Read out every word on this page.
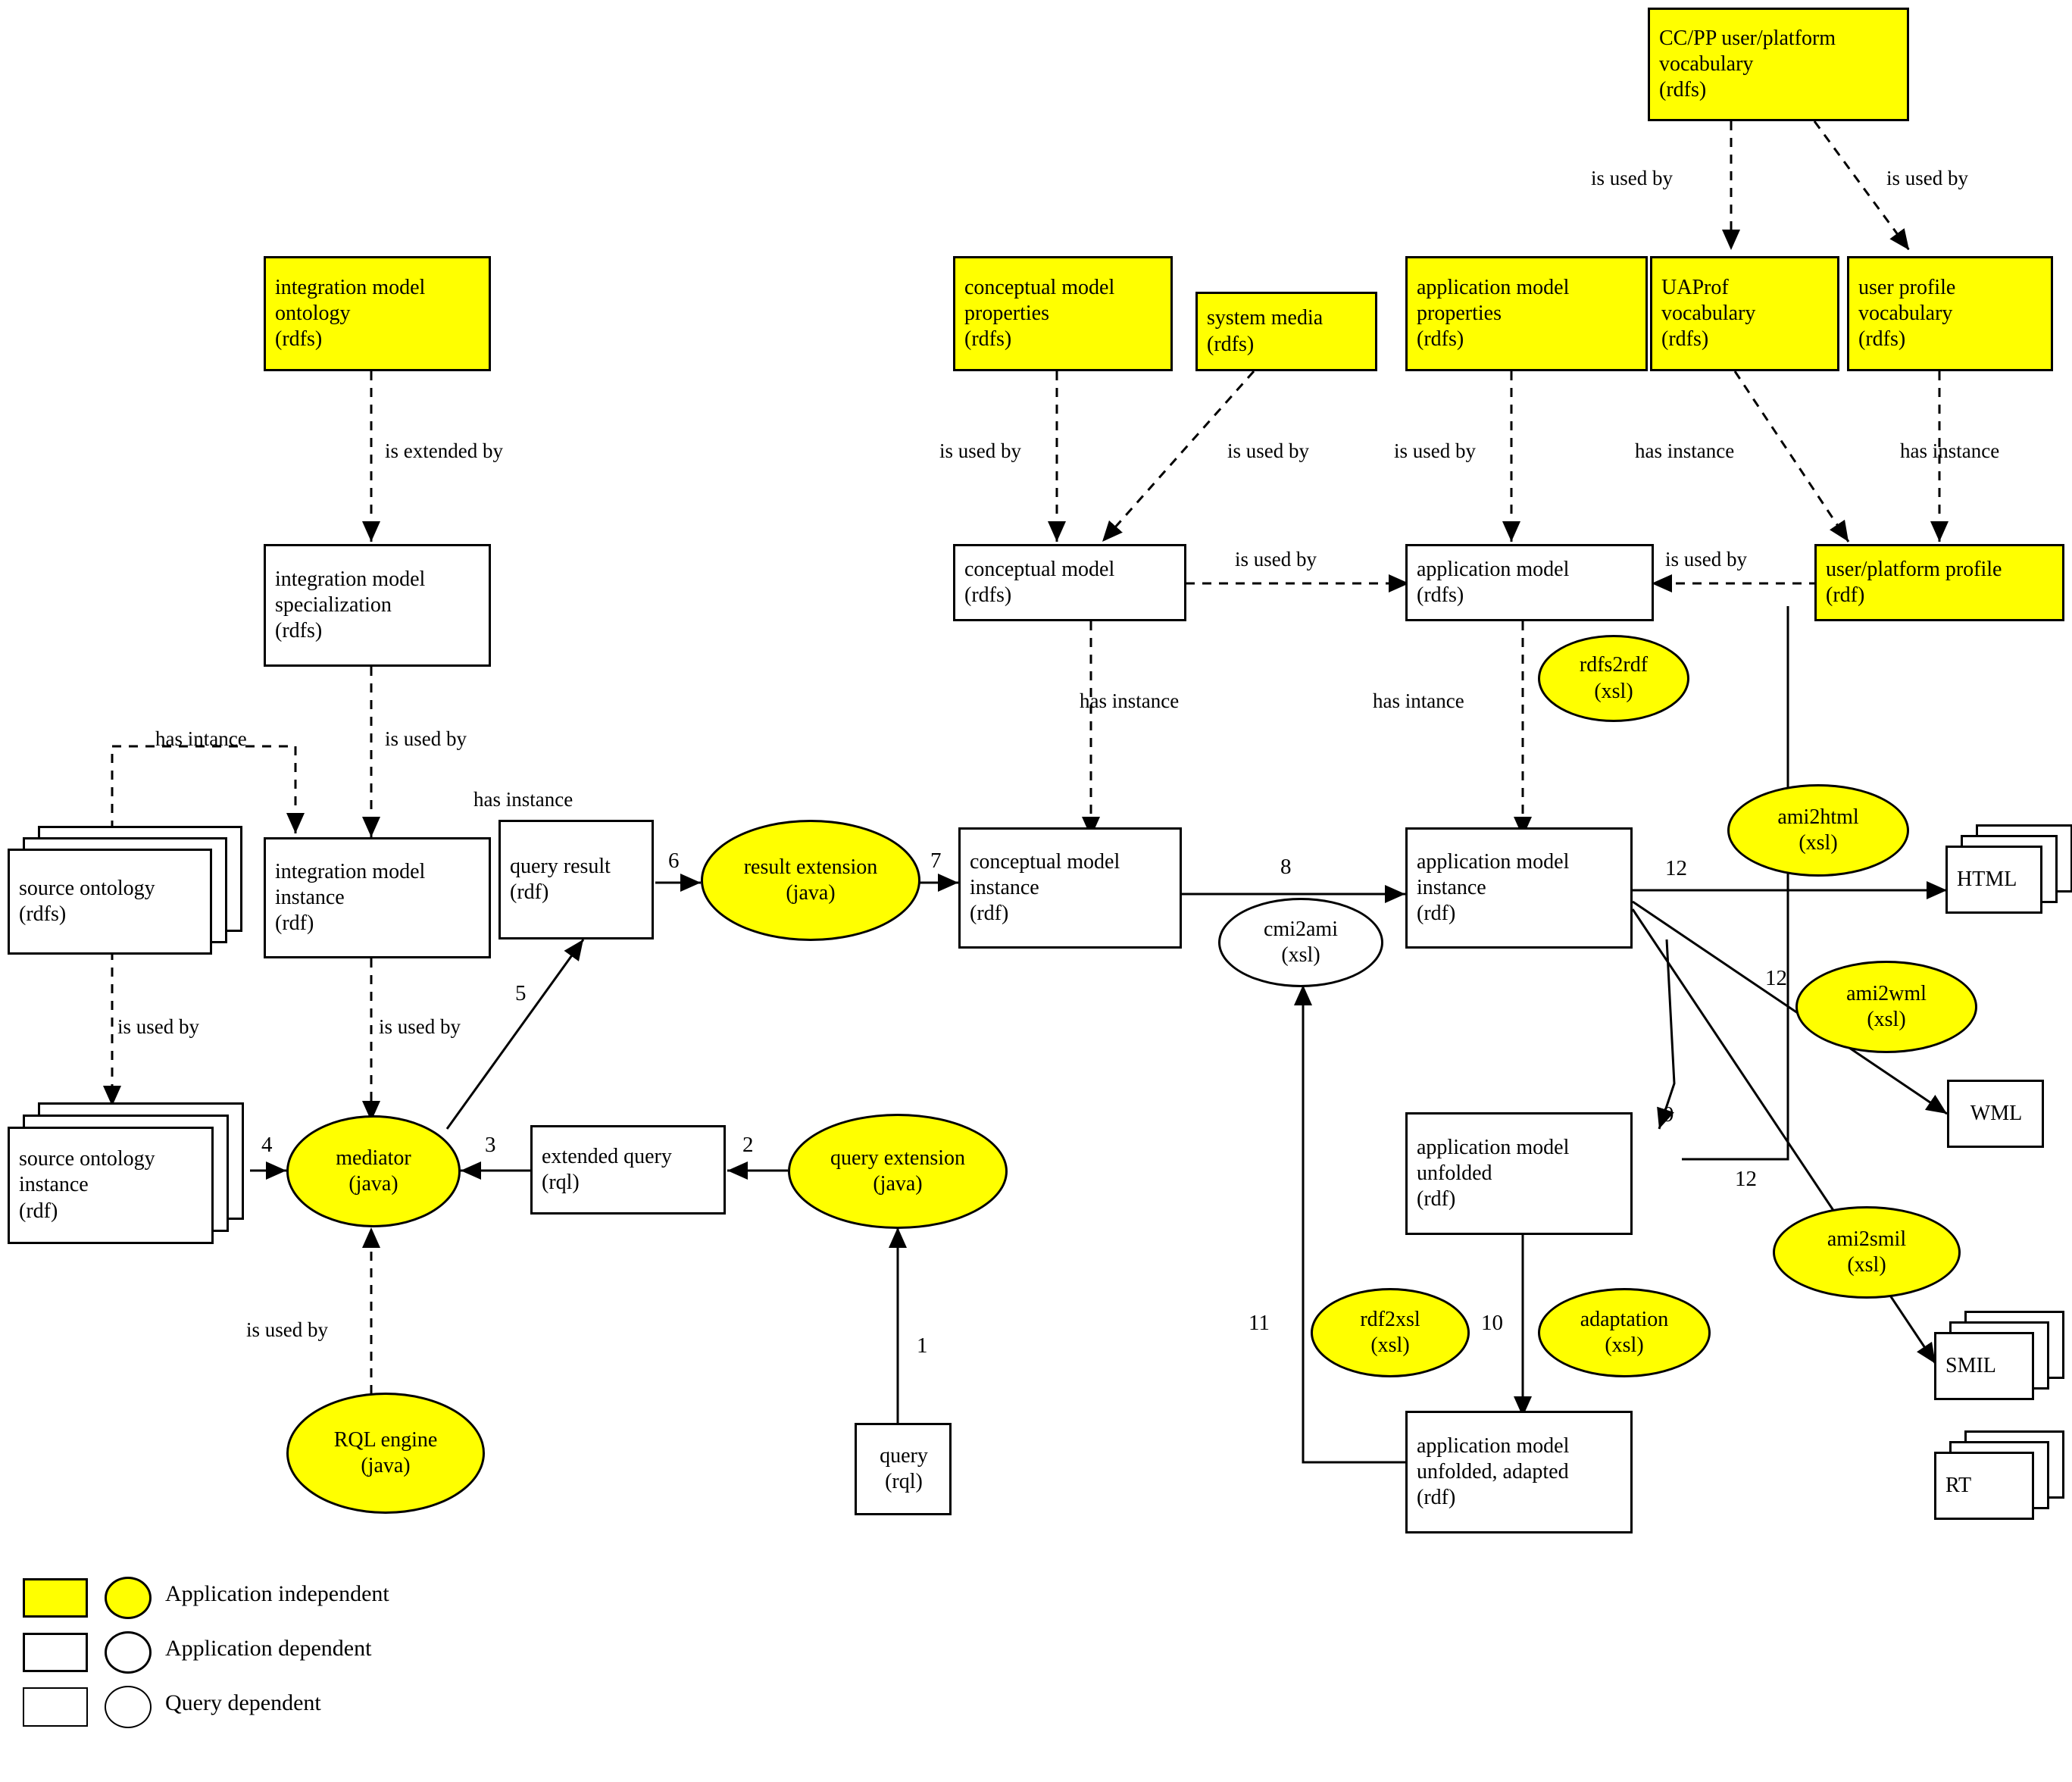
CC/PP user/platform
vocabulary
(rdfs)
is used by	is used by
integration model
ontology
(rdfs)
conceptual model
properties
(rdfs)
system media
(rdfs)
application model
properties
(rdfs)
UAProf
vocabulary
(rdfs)
user profile
vocabulary
(rdfs)
is extended by	is used by	is used by	is used by	has instance	has instance
integration model
specialization
(rdfs)
conceptual model
(rdfs)
application model
(rdfs)
user/platform profile
(rdf)
is used by	is used by
rdfs2rdf
(xsl)
has intance	is used by
has instance
has instance	has intance
source ontology
(rdfs)
integration model
instance
(rdf)
query result
(rdf)
result extension
(java)
conceptual model
instance
(rdf)
cmi2ami
(xsl)
application model
instance
(rdf)
ami2html
(xsl)
HTML
ami2wml
(xsl)
WML
ami2smil
(xsl)
SMIL
RT
is used by	is used by
source ontology
instance
(rdf)
mediator
(java)
extended query
(rql)
query extension
(java)
application model
unfolded
(rdf)
rdf2xsl
(xsl)
adaptation
(xsl)
RQL engine
(java)	query
(rql)
application model
unfolded, adapted
(rdf)
is used by
1
2
3
4
5
6	7	8
9
10
11
12
12
12
Application independent
Application dependent
Query dependent
